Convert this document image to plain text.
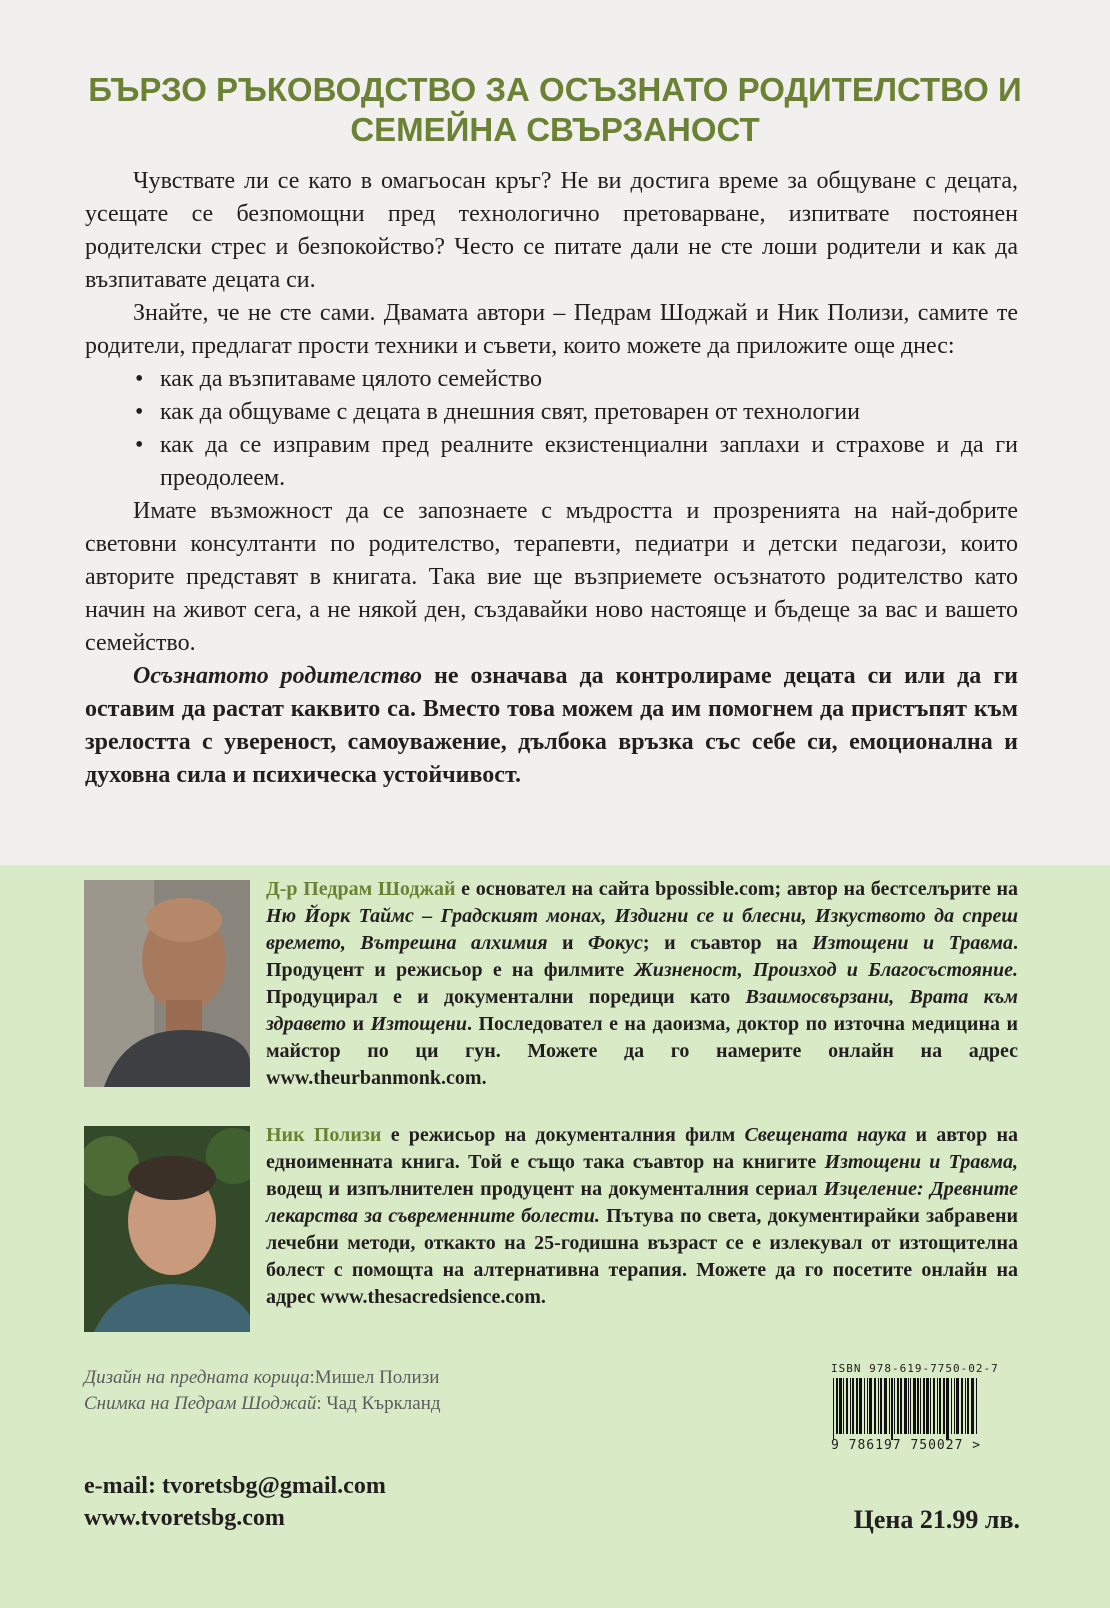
БЪРЗО РЪКОВОДСТВО ЗА ОСЪЗНАТО РОДИТЕЛСТВО И СЕМЕЙНА СВЪРЗАНОСТ

Чувствате ли се като в омагьосан кръг? Не ви достига време за общуване с децата, усещате се безпомощни пред технологично претоварване, изпитвате постоянен родителски стрес и безпокойство? Често се питате дали не сте лоши родители и как да възпитавате децата си.

Знайте, че не сте сами. Двамата автори – Педрам Шоджай и Ник Полизи, самите те родители, предлагат прости техники и съвети, които можете да приложите още днес:

• как да възпитаваме цялото семейство
• как да общуваме с децата в днешния свят, претоварен от технологии
• как да се изправим пред реалните екзистенциални заплахи и страхове и да ги преодолеем.

Имате възможност да се запознаете с мъдростта и прозренията на най-добрите световни консултанти по родителство, терапевти, педиатри и детски педагози, които авторите представят в книгата. Така вие ще възприемете осъзнатото родителство като начин на живот сега, а не някой ден, създавайки ново настояще и бъдеще за вас и вашето семейство.

Осъзнатото родителство не означава да контролираме децата си или да ги оставим да растат каквито са. Вместо това можем да им помогнем да пристъпят към зрелостта с увереност, самоуважение, дълбока връзка със себе си, емоционална и духовна сила и психическа устойчивост.

Д-р Педрам Шоджай е основател на сайта bpossible.com; автор на бестселърите на Ню Йорк Таймс – Градският монах, Издигни се и блесни, Изкуството да спреш времето, Вътрешна алхимия и Фокус; и съавтор на Изтощени и Травма. Продуцент и режисьор е на филмите Жизненост, Произход и Благосъстояние. Продуцирал е и документални поредици като Взаимосвързани, Врата към здравето и Изтощени. Последовател е на даоизма, доктор по източна медицина и майстор по ци гун. Можете да го намерите онлайн на адрес www.theurbanmonk.com.
Ник Полизи е режисьор на документалния филм Свещената наука и автор на едноименната книга. Той е също така съавтор на книгите Изтощени и Травма, водещ и изпълнителен продуцент на документалния сериал Изцеление: Древните лекарства за съвременните болести. Пътува по света, документирайки забравени лечебни методи, откакто на 25-годишна възраст се е излекувал от изтощителна болест с помощта на алтернативна терапия. Можете да го посетите онлайн на адрес www.thesacredsience.com.
Дизайн на предната корица:Мишел Полизи
Снимка на Педрам Шоджай: Чад Къркланд
e-mail: tvoretsbg@gmail.com
www.tvoretsbg.com
ISBN 978-619-7750-02-7
9 786197 750027 >
Цена 21.99 лв.
